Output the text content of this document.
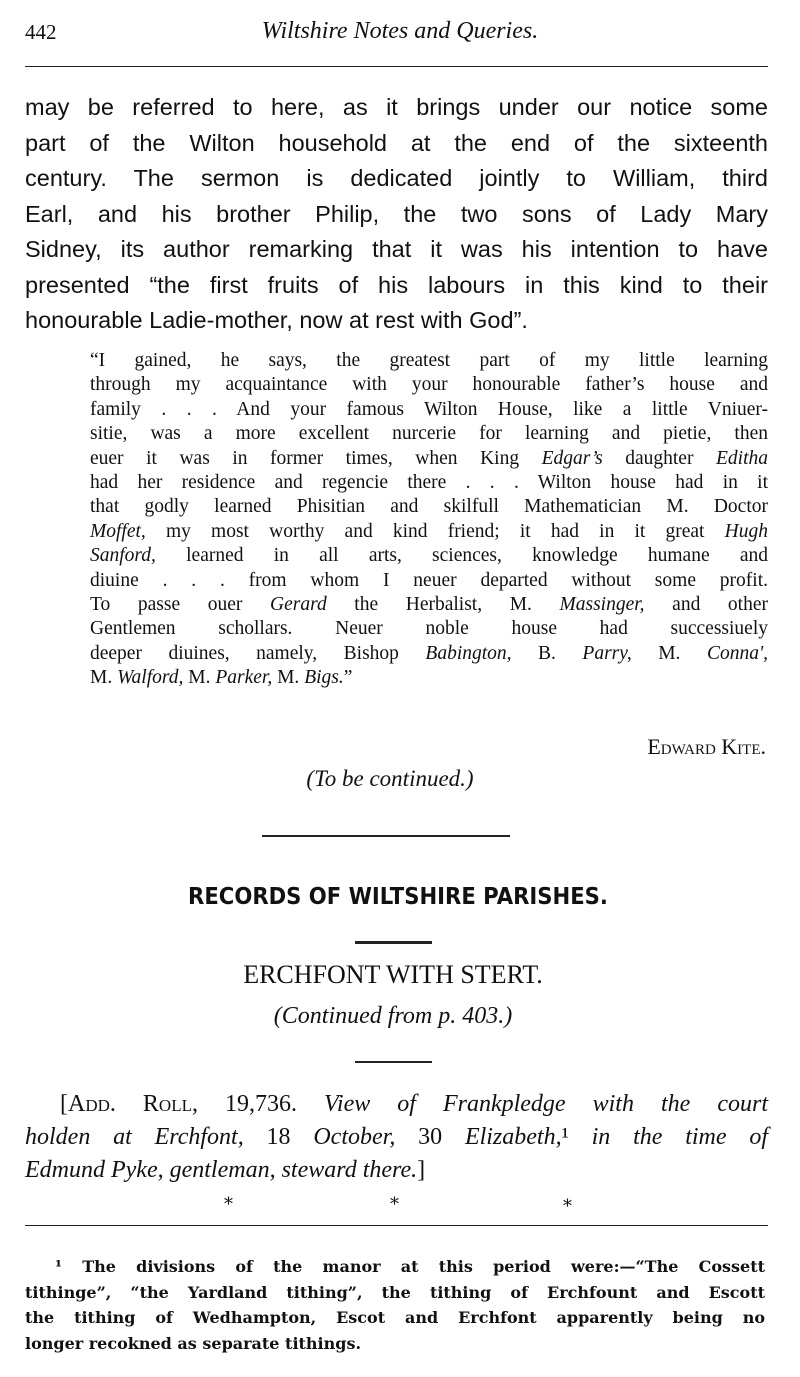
442	Wiltshire Notes and Queries.
may be referred to here, as it brings under our notice some
part of the Wilton household at the end of the sixteenth
century. The sermon is dedicated jointly to William, third
Earl, and his brother Philip, the two sons of Lady Mary
Sidney, its author remarking that it was his intention to have
presented “the first fruits of his labours in this kind to their
honourable Ladie-mother, now at rest with God”.
“I gained, he says, the greatest part of my little learning
through my acquaintance with your honourable father’s house and
family . . . And your famous Wilton House, like a little Vniuer-
sitie, was a more excellent nurcerie for learning and pietie, then
euer it was in former times, when King Edgar’s daughter Editha
had her residence and regencie there . . . Wilton house had in it
that godly learned Phisitian and skilfull Mathematician M. Doctor
Moffet, my most worthy and kind friend; it had in it great Hugh
Sanford, learned in all arts, sciences, knowledge humane and
diuine . . . from whom I neuer departed without some profit.
To passe ouer Gerard the Herbalist, M. Massinger, and other
Gentlemen schollars. Neuer noble house had successiuely
deeper diuines, namely, Bishop Babington, B. Parry, M. Conna',
M. Walford, M. Parker, M. Bigs.”
Edward Kite.
(To be continued.)
RECORDS OF WILTSHIRE PARISHES.
ERCHFONT WITH STERT.
(Continued from p. 403.)
[Add. Roll, 19,736. View of Frankpledge with the court
holden at Erchfont, 18 October, 30 Elizabeth,¹ in the time of
Edmund Pyke, gentleman, steward there.]
*	*	*
¹ The divisions of the manor at this period were:—“The Cossett
tithinge”, “the Yardland tithing”, the tithing of Erchfount and Escott
the tithing of Wedhampton, Escot and Erchfont apparently being no
longer recokned as separate tithings.
